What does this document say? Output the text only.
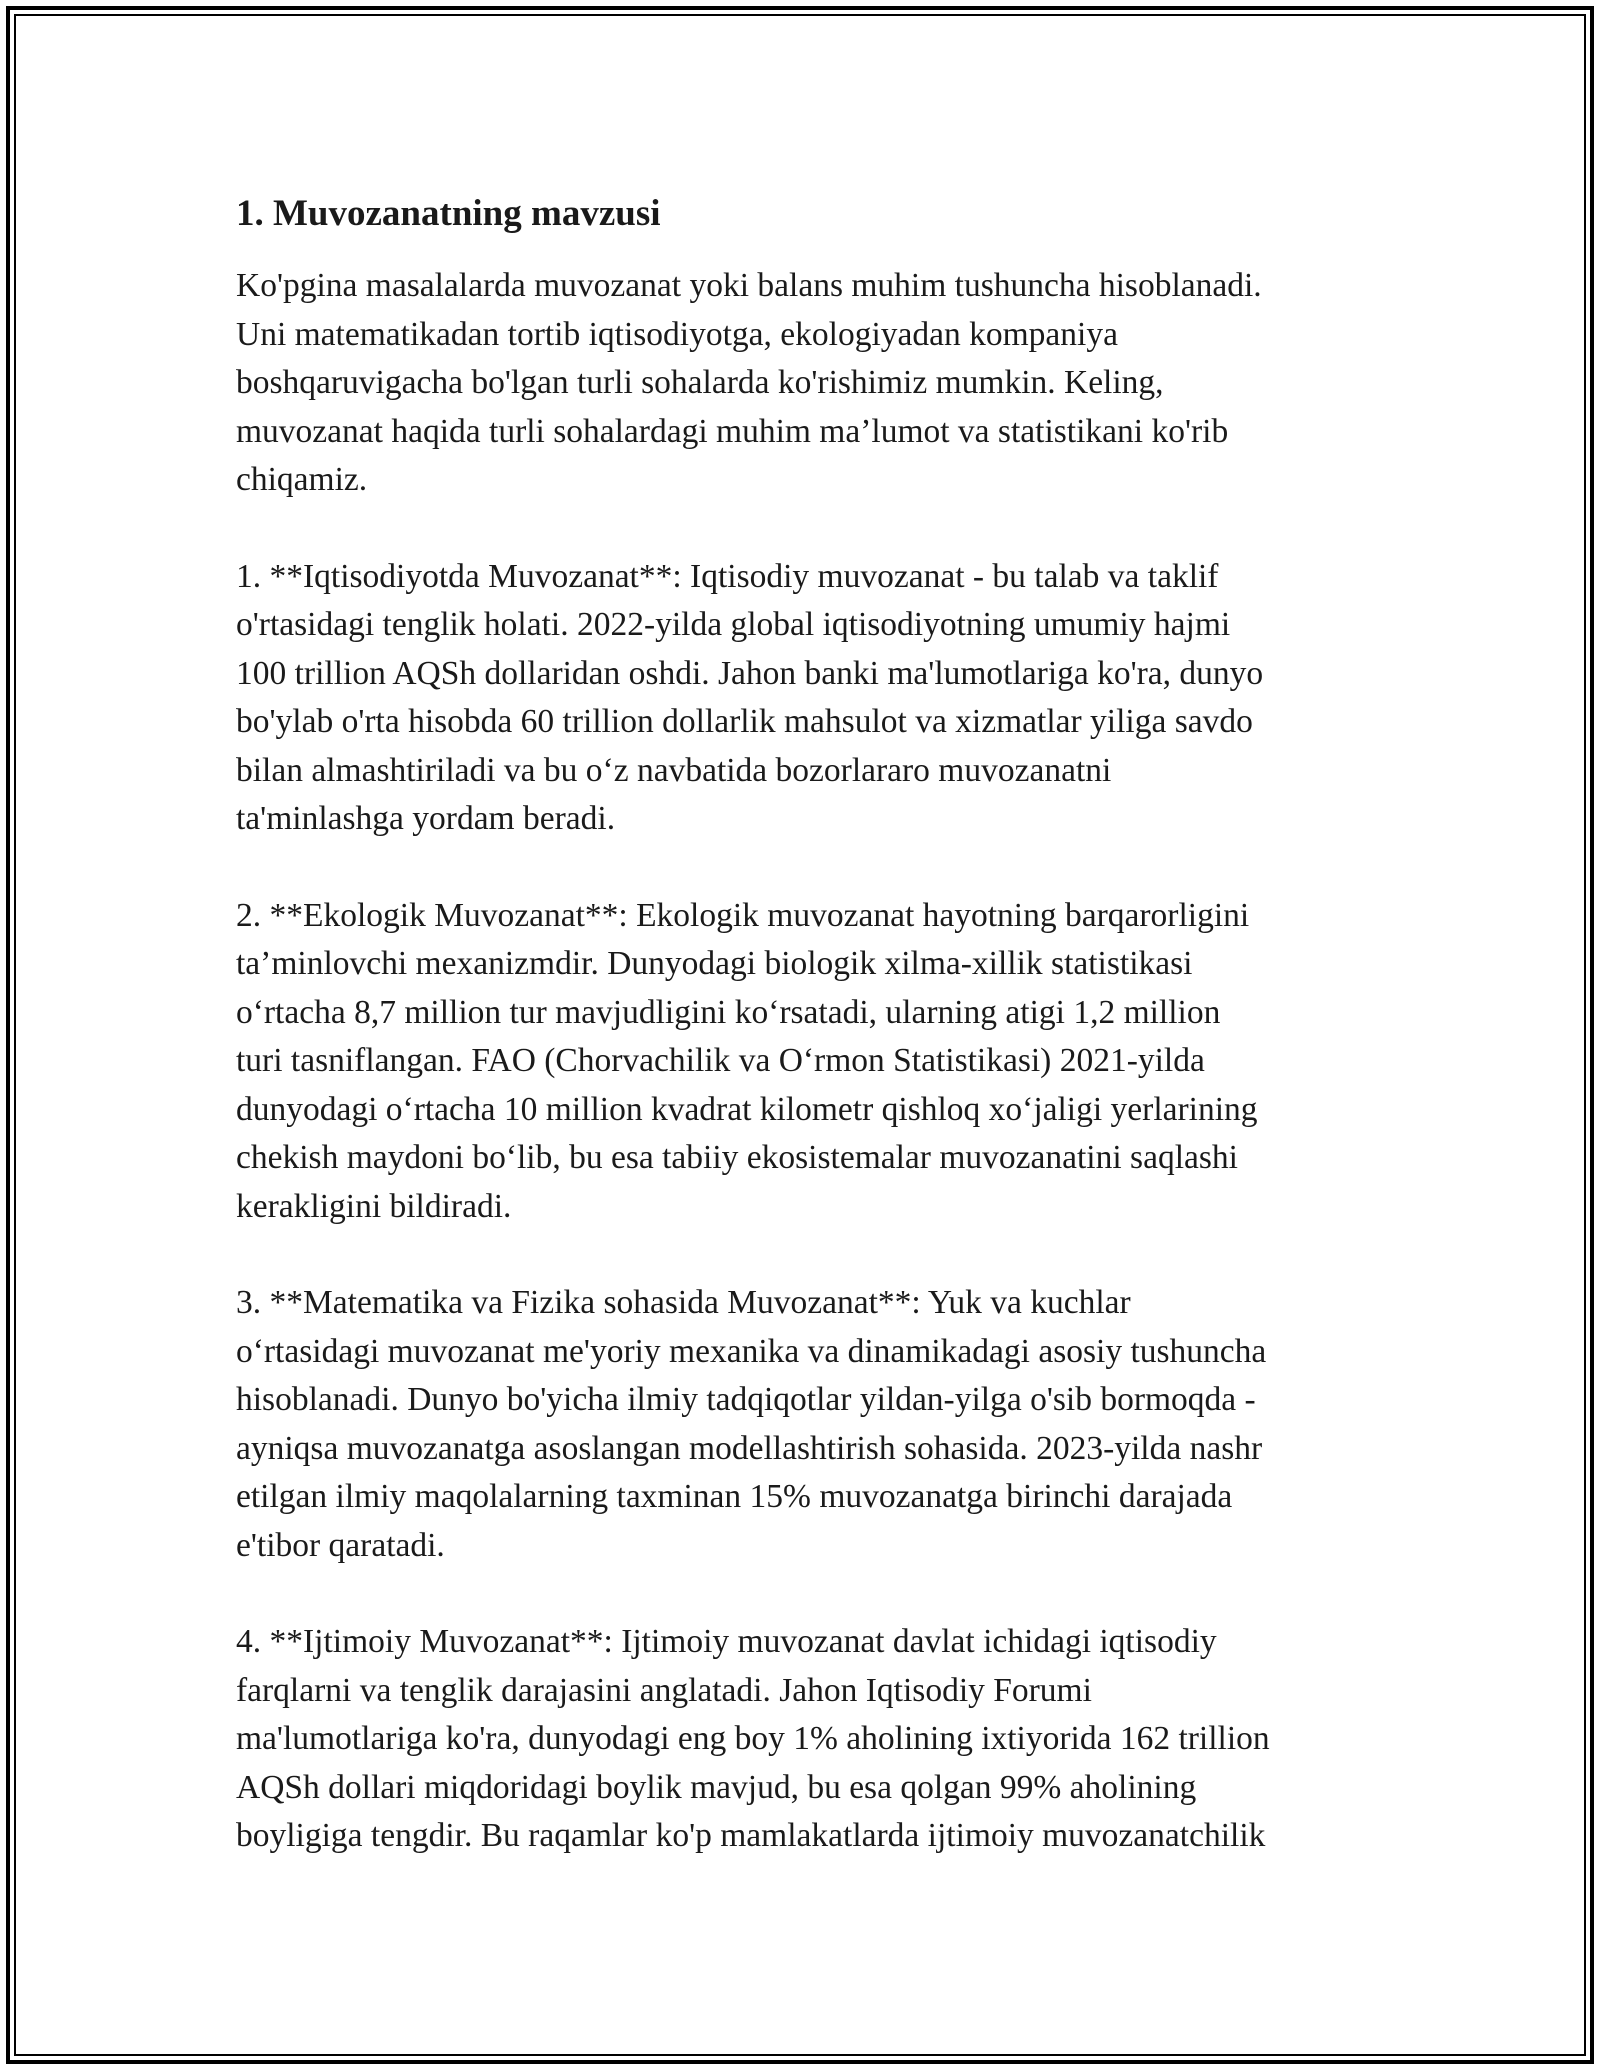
1. Muvozanatning mavzusi

Ko'pgina masalalarda muvozanat yoki balans muhim tushuncha hisoblanadi.
Uni matematikadan tortib iqtisodiyotga, ekologiyadan kompaniya
boshqaruvigacha bo'lgan turli sohalarda ko'rishimiz mumkin. Keling,
muvozanat haqida turli sohalardagi muhim ma’lumot va statistikani ko'rib
chiqamiz.

1. **Iqtisodiyotda Muvozanat**: Iqtisodiy muvozanat - bu talab va taklif
o'rtasidagi tenglik holati. 2022-yilda global iqtisodiyotning umumiy hajmi
100 trillion AQSh dollaridan oshdi. Jahon banki ma'lumotlariga ko'ra, dunyo
bo'ylab o'rta hisobda 60 trillion dollarlik mahsulot va xizmatlar yiliga savdo
bilan almashtiriladi va bu o‘z navbatida bozorlararo muvozanatni
ta'minlashga yordam beradi.

2. **Ekologik Muvozanat**: Ekologik muvozanat hayotning barqarorligini
ta’minlovchi mexanizmdir. Dunyodagi biologik xilma-xillik statistikasi
o‘rtacha 8,7 million tur mavjudligini ko‘rsatadi, ularning atigi 1,2 million
turi tasniflangan. FAO (Chorvachilik va O‘rmon Statistikasi) 2021-yilda
dunyodagi o‘rtacha 10 million kvadrat kilometr qishloq xo‘jaligi yerlarining
chekish maydoni bo‘lib, bu esa tabiiy ekosistemalar muvozanatini saqlashi
kerakligini bildiradi.

3. **Matematika va Fizika sohasida Muvozanat**: Yuk va kuchlar
o‘rtasidagi muvozanat me'yoriy mexanika va dinamikadagi asosiy tushuncha
hisoblanadi. Dunyo bo'yicha ilmiy tadqiqotlar yildan-yilga o'sib bormoqda -
ayniqsa muvozanatga asoslangan modellashtirish sohasida. 2023-yilda nashr
etilgan ilmiy maqolalarning taxminan 15% muvozanatga birinchi darajada
e'tibor qaratadi.

4. **Ijtimoiy Muvozanat**: Ijtimoiy muvozanat davlat ichidagi iqtisodiy
farqlarni va tenglik darajasini anglatadi. Jahon Iqtisodiy Forumi
ma'lumotlariga ko'ra, dunyodagi eng boy 1% aholining ixtiyorida 162 trillion
AQSh dollari miqdoridagi boylik mavjud, bu esa qolgan 99% aholining
boyligiga tengdir. Bu raqamlar ko'p mamlakatlarda ijtimoiy muvozanatchilik
